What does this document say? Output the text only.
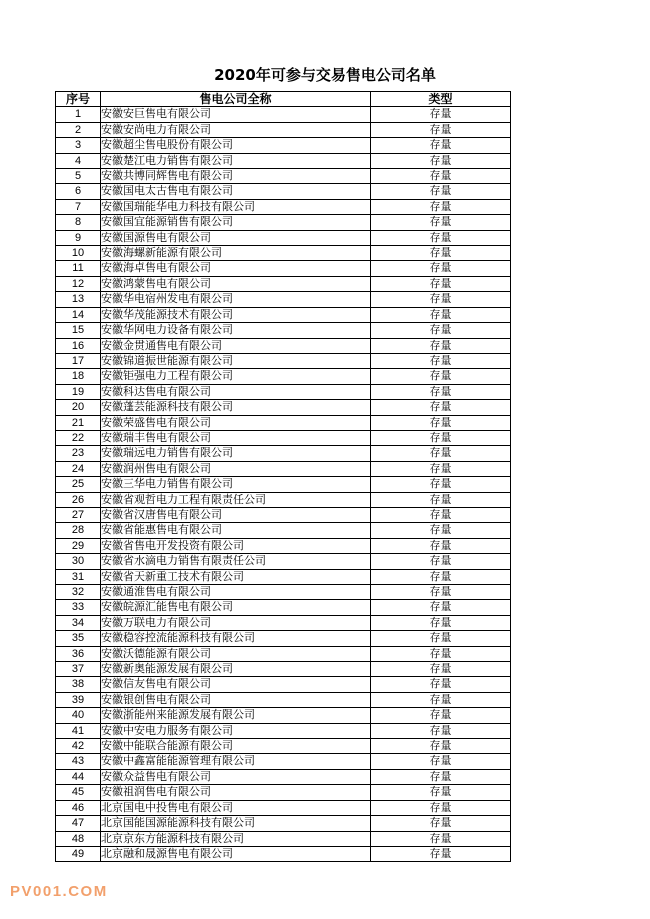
2020年可参与交易售电公司名单
序号	售电公司全称	类型
1	安徽安巨售电有限公司	存量
2	安徽安尚电力有限公司	存量
3	安徽超尘售电股份有限公司	存量
4	安徽楚江电力销售有限公司	存量
5	安徽共博同辉售电有限公司	存量
6	安徽国电太古售电有限公司	存量
7	安徽国瑞能华电力科技有限公司	存量
8	安徽国宜能源销售有限公司	存量
9	安徽国源售电有限公司	存量
10	安徽海螺新能源有限公司	存量
11	安徽海卓售电有限公司	存量
12	安徽鸿蒙售电有限公司	存量
13	安徽华电宿州发电有限公司	存量
14	安徽华茂能源技术有限公司	存量
15	安徽华网电力设备有限公司	存量
16	安徽金贯通售电有限公司	存量
17	安徽锦道振世能源有限公司	存量
18	安徽钜强电力工程有限公司	存量
19	安徽科达售电有限公司	存量
20	安徽蓬芸能源科技有限公司	存量
21	安徽荣盛售电有限公司	存量
22	安徽瑞丰售电有限公司	存量
23	安徽瑞远电力销售有限公司	存量
24	安徽润州售电有限公司	存量
25	安徽三华电力销售有限公司	存量
26	安徽省观哲电力工程有限责任公司	存量
27	安徽省汉唐售电有限公司	存量
28	安徽省能惠售电有限公司	存量
29	安徽省售电开发投资有限公司	存量
30	安徽省水滴电力销售有限责任公司	存量
31	安徽省天新重工技术有限公司	存量
32	安徽通淮售电有限公司	存量
33	安徽皖源汇能售电有限公司	存量
34	安徽万联电力有限公司	存量
35	安徽稳容控流能源科技有限公司	存量
36	安徽沃德能源有限公司	存量
37	安徽新奥能源发展有限公司	存量
38	安徽信友售电有限公司	存量
39	安徽银创售电有限公司	存量
40	安徽浙能州来能源发展有限公司	存量
41	安徽中安电力服务有限公司	存量
42	安徽中能联合能源有限公司	存量
43	安徽中鑫富能能源管理有限公司	存量
44	安徽众益售电有限公司	存量
45	安徽祖润售电有限公司	存量
46	北京国电中投售电有限公司	存量
47	北京国能国源能源科技有限公司	存量
48	北京京东方能源科技有限公司	存量
49	北京融和晟源售电有限公司	存量
PV001.COM
